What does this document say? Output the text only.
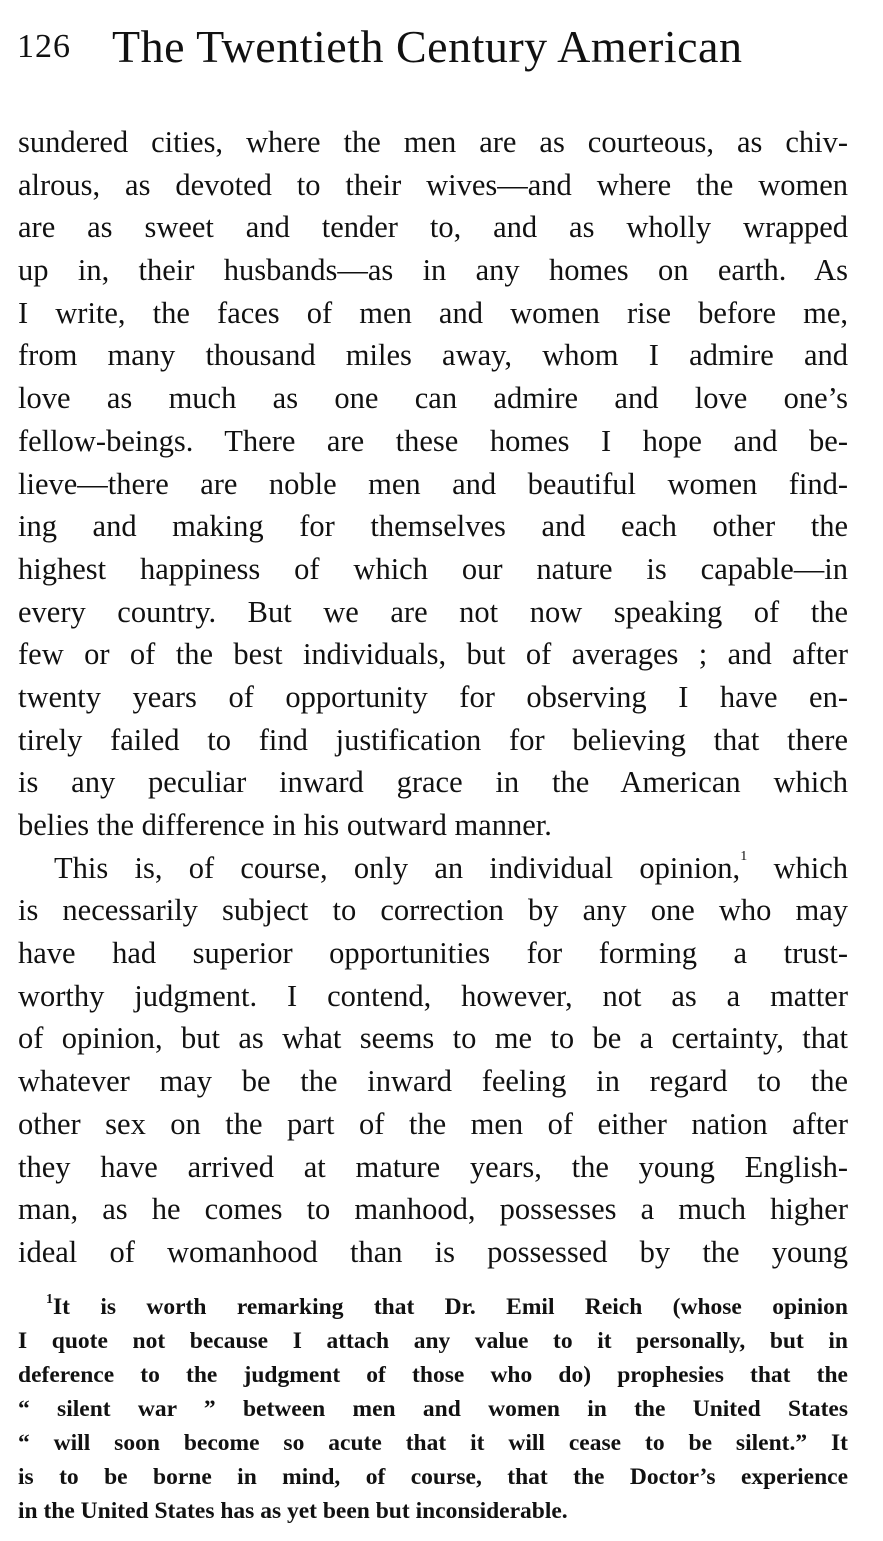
126 The Twentieth Century American
sundered cities, where the men are as courteous, as chiv-
alrous, as devoted to their wives—and where the women
are as sweet and tender to, and as wholly wrapped
up in, their husbands—as in any homes on earth. As
I write, the faces of men and women rise before me,
from many thousand miles away, whom I admire and
love as much as one can admire and love one’s
fellow-beings. There are these homes I hope and be-
lieve—there are noble men and beautiful women find-
ing and making for themselves and each other the
highest happiness of which our nature is capable—in
every country. But we are not now speaking of the
few or of the best individuals, but of averages ; and after
twenty years of opportunity for observing I have en-
tirely failed to find justification for believing that there
is any peculiar inward grace in the American which
belies the difference in his outward manner.
This is, of course, only an individual opinion,$^1$ which
is necessarily subject to correction by any one who may
have had superior opportunities for forming a trust-
worthy judgment. I contend, however, not as a matter
of opinion, but as what seems to me to be a certainty, that
whatever may be the inward feeling in regard to the
other sex on the part of the men of either nation after
they have arrived at mature years, the young English-
man, as he comes to manhood, possesses a much higher
ideal of womanhood than is possessed by the young
$^1$It is worth remarking that Dr. Emil Reich (whose opinion
I quote not because I attach any value to it personally, but in
deference to the judgment of those who do) prophesies that the
“ silent war ” between men and women in the United States
“ will soon become so acute that it will cease to be silent.” It
is to be borne in mind, of course, that the Doctor’s experience
in the United States has as yet been but inconsiderable.
